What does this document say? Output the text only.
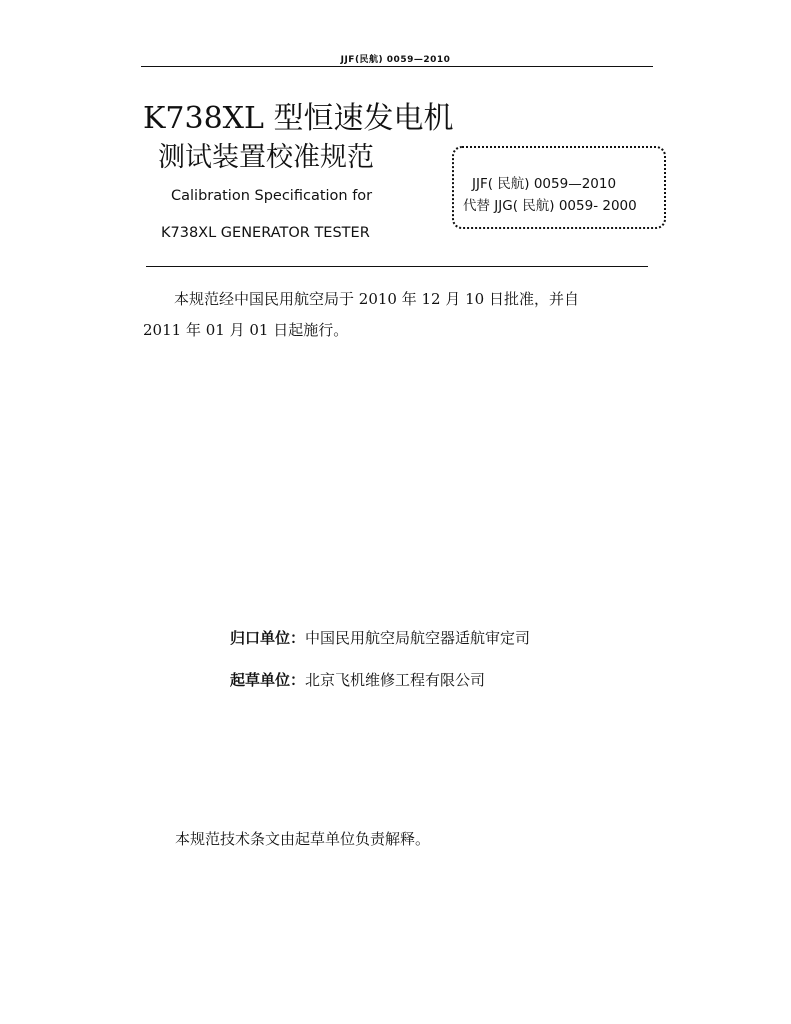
JJF(民航) 0059—2010
K738XL 型恒速发电机
测试装置校准规范
Calibration Specification for
K738XL GENERATOR TESTER
JJF( 民航) 0059—2010
代替 JJG( 民航) 0059- 2000
本规范经中国民用航空局于 2010 年 12 月 10 日批准，并自
2011 年 01 月 01 日起施行。
归口单位：中国民用航空局航空器适航审定司
起草单位：北京飞机维修工程有限公司
本规范技术条文由起草单位负责解释。
